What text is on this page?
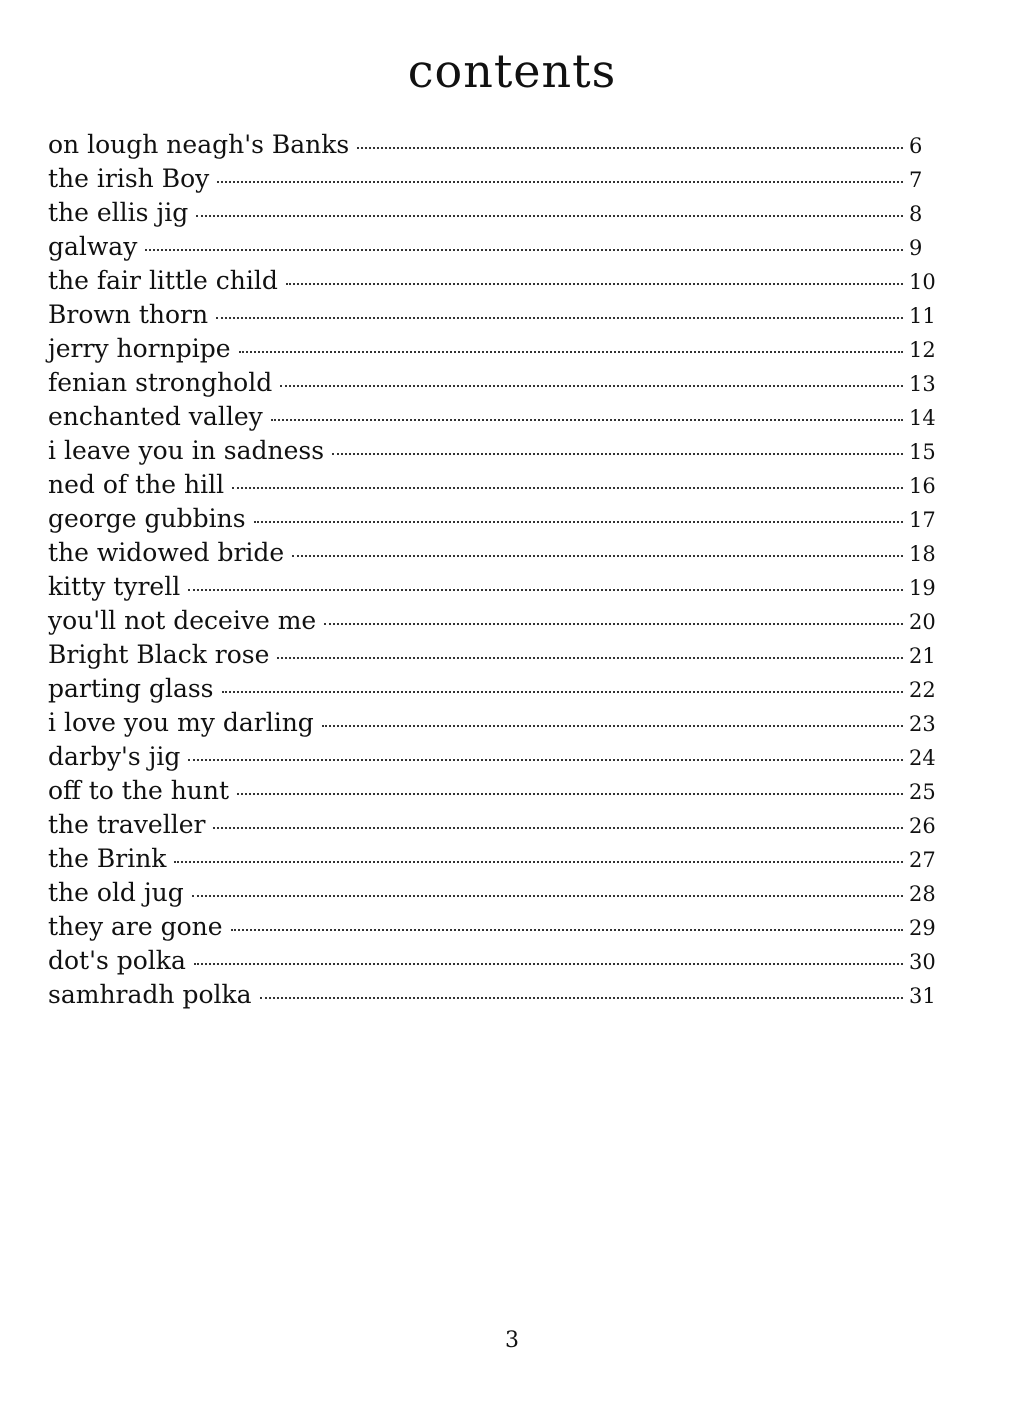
contents
on lough neagh's Banks	6
the irish Boy	7
the ellis jig	8
galway	9
the fair little child	10
Brown thorn	11
jerry hornpipe	12
fenian stronghold	13
enchanted valley	14
i leave you in sadness	15
ned of the hill	16
george gubbins	17
the widowed bride	18
kitty tyrell	19
you'll not deceive me	20
Bright Black rose	21
parting glass	22
i love you my darling	23
darby's jig	24
off to the hunt	25
the traveller	26
the Brink	27
the old jug	28
they are gone	29
dot's polka	30
samhradh polka	31
3
